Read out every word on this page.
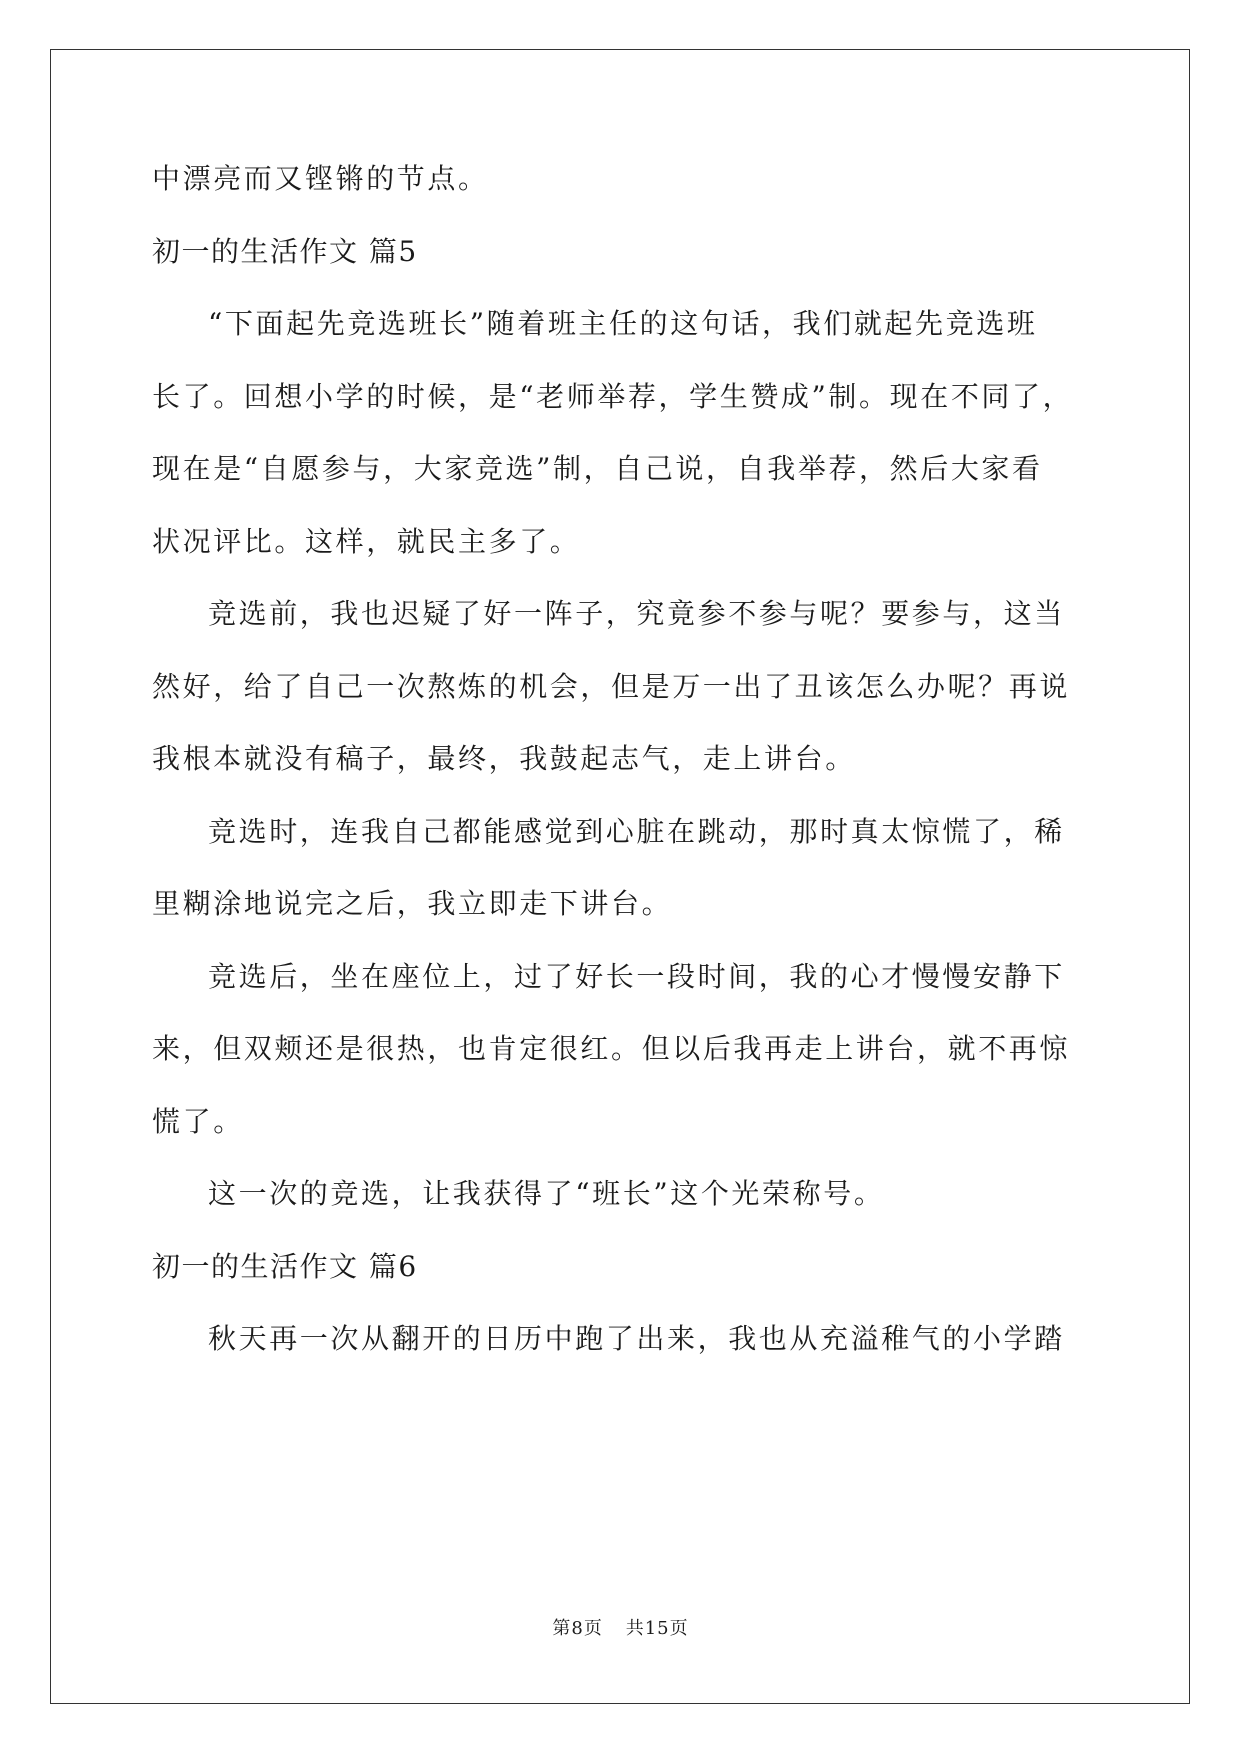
中漂亮而又铿锵的节点。
初一的生活作文 篇5
“下面起先竞选班长”随着班主任的这句话，我们就起先竞选班
长了。回想小学的时候，是“老师举荐，学生赞成”制。现在不同了，
现在是“自愿参与，大家竞选”制，自己说，自我举荐，然后大家看
状况评比。这样，就民主多了。
竞选前，我也迟疑了好一阵子，究竟参不参与呢？要参与，这当
然好，给了自己一次熬炼的机会，但是万一出了丑该怎么办呢？再说
我根本就没有稿子，最终，我鼓起志气，走上讲台。
竞选时，连我自己都能感觉到心脏在跳动，那时真太惊慌了，稀
里糊涂地说完之后，我立即走下讲台。
竞选后，坐在座位上，过了好长一段时间，我的心才慢慢安静下
来，但双颊还是很热，也肯定很红。但以后我再走上讲台，就不再惊
慌了。
这一次的竞选，让我获得了“班长”这个光荣称号。
初一的生活作文 篇6
秋天再一次从翻开的日历中跑了出来，我也从充溢稚气的小学踏
第8页 共15页
